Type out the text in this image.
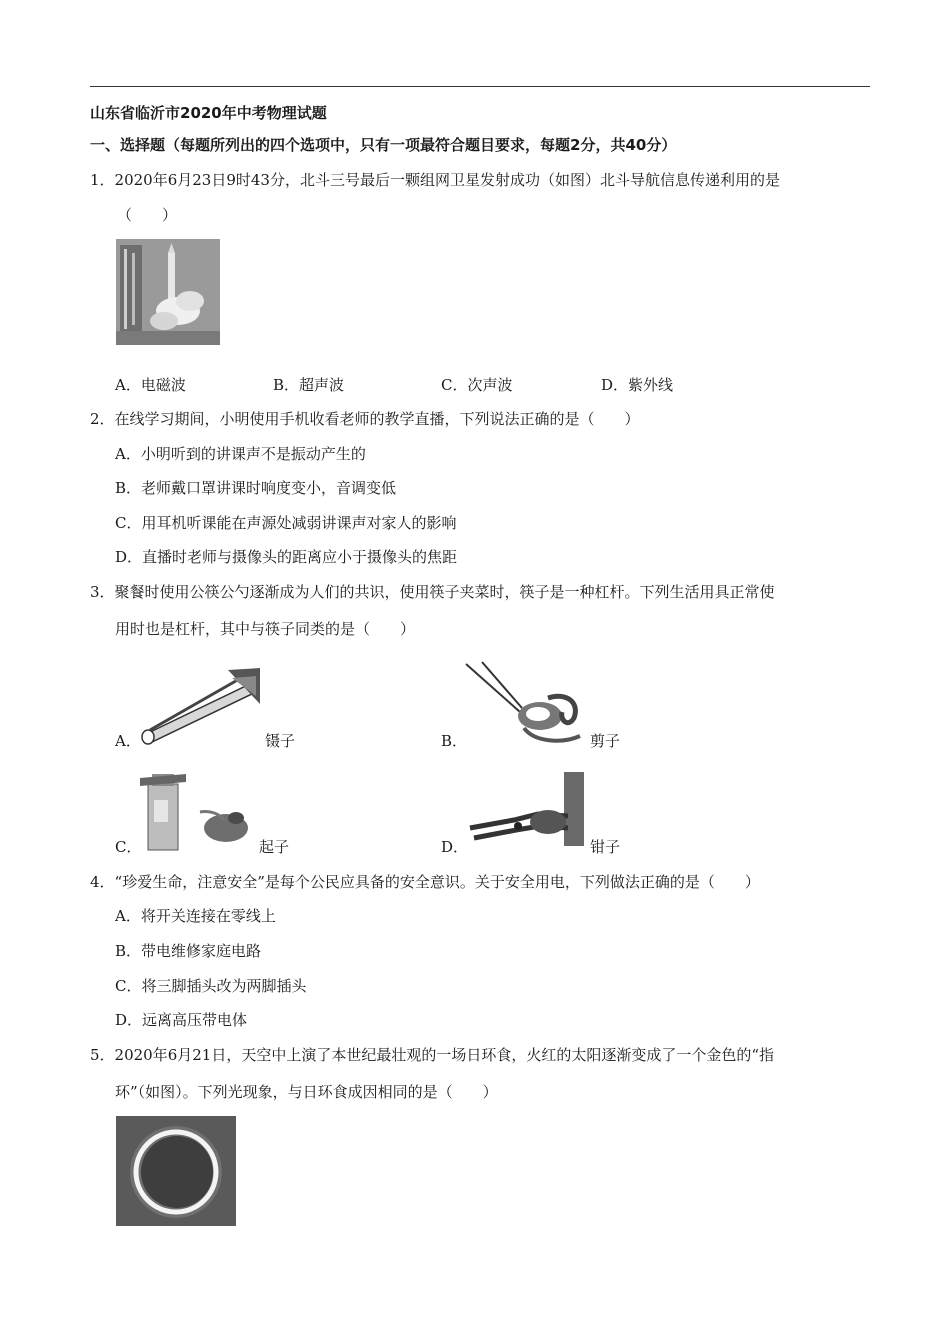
山东省临沂市2020年中考物理试题
一、选择题（每题所列出的四个选项中，只有一项最符合题目要求，每题2分，共40分）
1．2020年6月23日9时43分，北斗三号最后一颗组网卫星发射成功（如图）北斗导航信息传递利用的是
（　　）
A．电磁波	B．超声波	C．次声波	D．紫外线
2．在线学习期间，小明使用手机收看老师的教学直播，下列说法正确的是（　　）
A．小明听到的讲课声不是振动产生的
B．老师戴口罩讲课时响度变小，音调变低
C．用耳机听课能在声源处减弱讲课声对家人的影响
D．直播时老师与摄像头的距离应小于摄像头的焦距
3．聚餐时使用公筷公勺逐渐成为人们的共识，使用筷子夹菜时，筷子是一种杠杆。下列生活用具正常使
用时也是杠杆，其中与筷子同类的是（　　）
A．	镊子	B．	剪子
C．	起子	D．	钳子
4．“珍爱生命，注意安全”是每个公民应具备的安全意识。关于安全用电，下列做法正确的是（　　）
A．将开关连接在零线上
B．带电维修家庭电路
C．将三脚插头改为两脚插头
D．远离高压带电体
5．2020年6月21日，天空中上演了本世纪最壮观的一场日环食，火红的太阳逐渐变成了一个金色的“指
环”（如图）。下列光现象，与日环食成因相同的是（　　）
